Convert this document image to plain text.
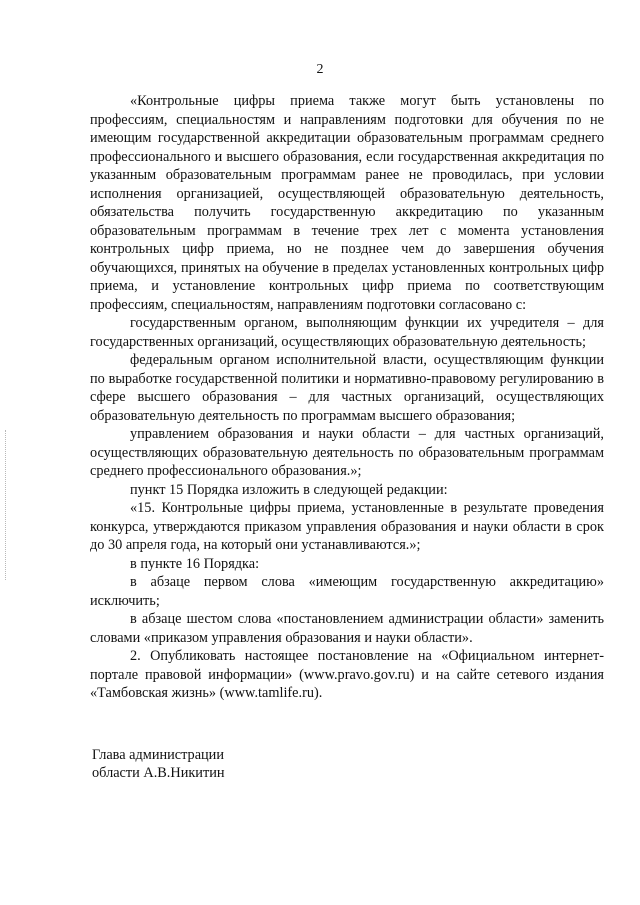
2

«Контрольные цифры приема также могут быть установлены по профессиям, специальностям и направлениям подготовки для обучения по не имеющим государственной аккредитации образовательным программам среднего профессионального и высшего образования, если государственная аккредитация по указанным образовательным программам ранее не проводилась, при условии исполнения организацией, осуществляющей образовательную деятельность, обязательства получить государственную аккредитацию по указанным образовательным программам в течение трех лет с момента установления контрольных цифр приема, но не позднее чем до завершения обучения обучающихся, принятых на обучение в пределах установленных контрольных цифр приема, и установление контрольных цифр приема по соответствующим профессиям, специальностям, направлениям подготовки согласовано с:

государственным органом, выполняющим функции их учредителя – для государственных организаций, осуществляющих образовательную деятельность;

федеральным органом исполнительной власти, осуществляющим функции по выработке государственной политики и нормативно-правовому регулированию в сфере высшего образования – для частных организаций, осуществляющих образовательную деятельность по программам высшего образования;

управлением образования и науки области – для частных организаций, осуществляющих образовательную деятельность по образовательным программам среднего профессионального образования.»;

пункт 15 Порядка изложить в следующей редакции:

«15. Контрольные цифры приема, установленные в результате проведения конкурса, утверждаются приказом управления образования и науки области в срок до 30 апреля года, на который они устанавливаются.»;

в пункте 16 Порядка:

в абзаце первом слова «имеющим государственную аккредитацию» исключить;

в абзаце шестом слова «постановлением администрации области» заменить словами «приказом управления образования и науки области».

2. Опубликовать настоящее постановление на «Официальном интернет-портале правовой информации» (www.pravo.gov.ru) и на сайте сетевого издания «Тамбовская жизнь» (www.tamlife.ru).

Глава администрации
области А.В.Никитин
